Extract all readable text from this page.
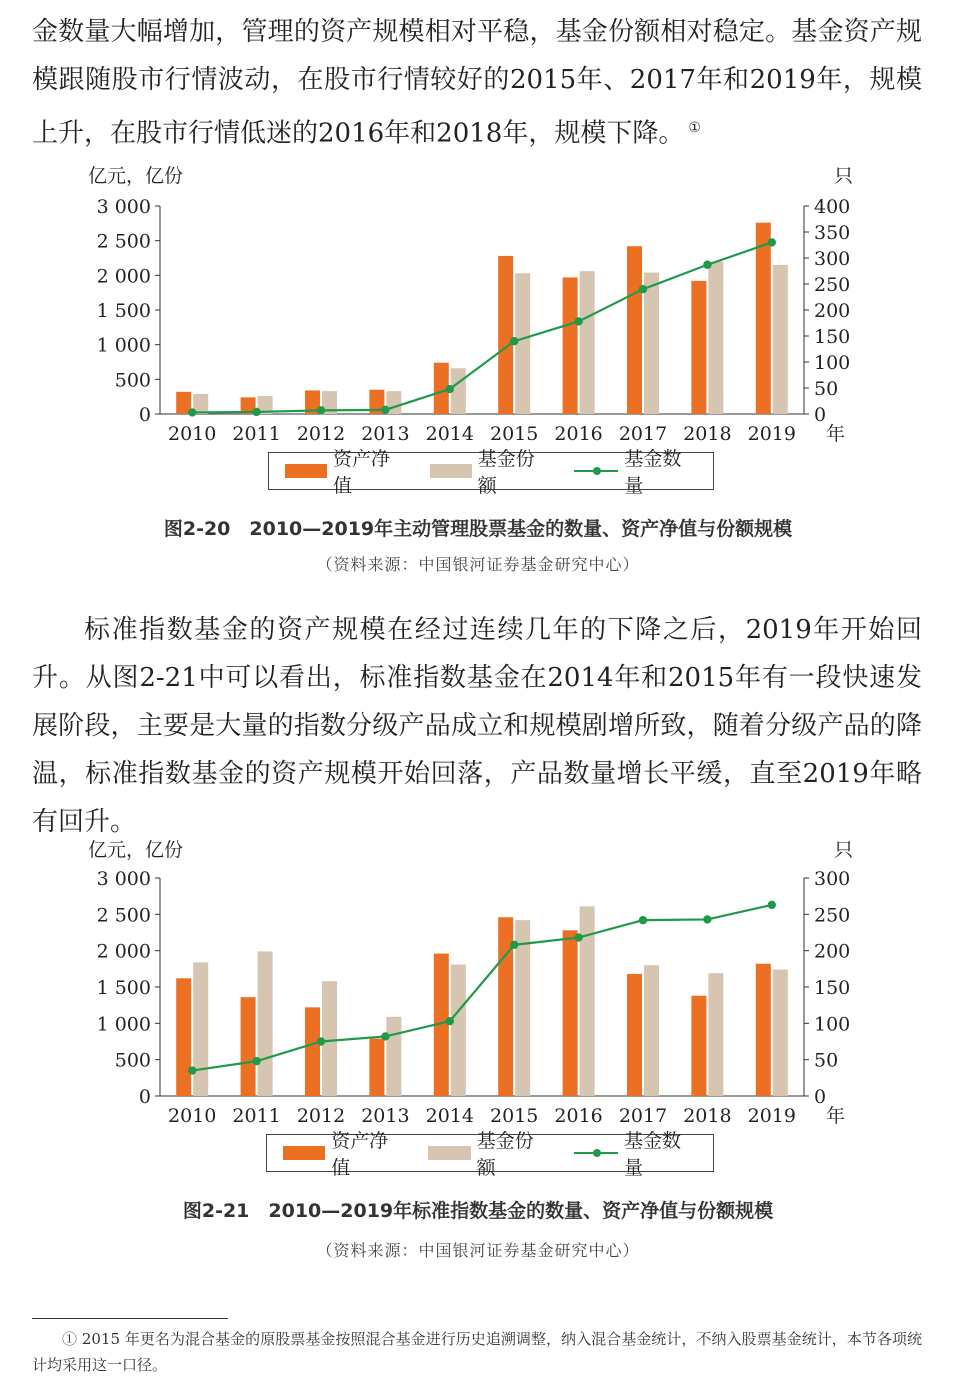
金数量大幅增加，管理的资产规模相对平稳，基金份额相对稳定。基金资产规模跟随股市行情波动，在股市行情较好的2015年、2017年和2019年，规模上升，在股市行情低迷的2016年和2018年，规模下降。 ①
亿元，亿份	只
0
500
1 000
1 500
2 000
2 500
3 000
0
50
100
150
200
250
300
350
400
2010 2011 2012 2013 2014 2015 2016 2017 2018 2019 年
资产净值
基金份额
基金数量
图2-20　2010—2019年主动管理股票基金的数量、资产净值与份额规模
（资料来源：中国银河证券基金研究中心）
标准指数基金的资产规模在经过连续几年的下降之后，2019年开始回升。从图2-21中可以看出，标准指数基金在2014年和2015年有一段快速发展阶段，主要是大量的指数分级产品成立和规模剧增所致，随着分级产品的降温，标准指数基金的资产规模开始回落，产品数量增长平缓，直至2019年略有回升。
亿元，亿份	只
0
500
1 000
1 500
2 000
2 500
3 000
0
50
100
150
200
250
300
2010 2011 2012 2013 2014 2015 2016 2017 2018 2019 年
资产净值
基金份额
基金数量
图2-21　2010—2019年标准指数基金的数量、资产净值与份额规模
（资料来源：中国银河证券基金研究中心）
① 2015 年更名为混合基金的原股票基金按照混合基金进行历史追溯调整，纳入混合基金统计，不纳入股票基金统计，本节各项统计均采用这一口径。
